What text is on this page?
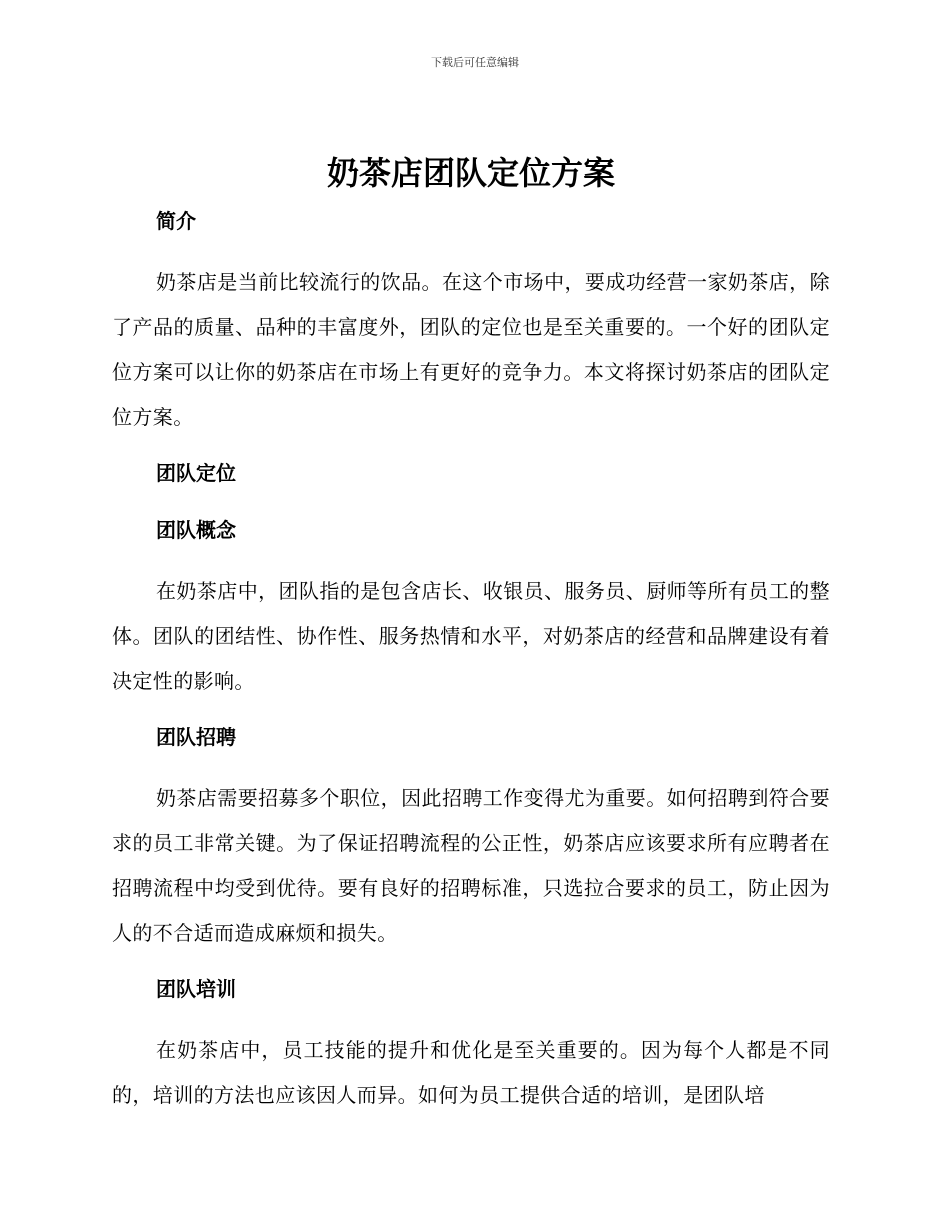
下载后可任意编辑
奶茶店团队定位方案
简介

奶茶店是当前比较流行的饮品。在这个市场中，要成功经营一家奶茶店，除了产品的质量、品种的丰富度外，团队的定位也是至关重要的。一个好的团队定位方案可以让你的奶茶店在市场上有更好的竞争力。本文将探讨奶茶店的团队定位方案。

团队定位
团队概念

在奶茶店中，团队指的是包含店长、收银员、服务员、厨师等所有员工的整体。团队的团结性、协作性、服务热情和水平，对奶茶店的经营和品牌建设有着决定性的影响。

团队招聘

奶茶店需要招募多个职位，因此招聘工作变得尤为重要。如何招聘到符合要求的员工非常关键。为了保证招聘流程的公正性，奶茶店应该要求所有应聘者在招聘流程中均受到优待。要有良好的招聘标准，只选拉合要求的员工，防止因为人的不合适而造成麻烦和损失。

团队培训

在奶茶店中，员工技能的提升和优化是至关重要的。因为每个人都是不同的，培训的方法也应该因人而异。如何为员工提供合适的培训，是团队培
